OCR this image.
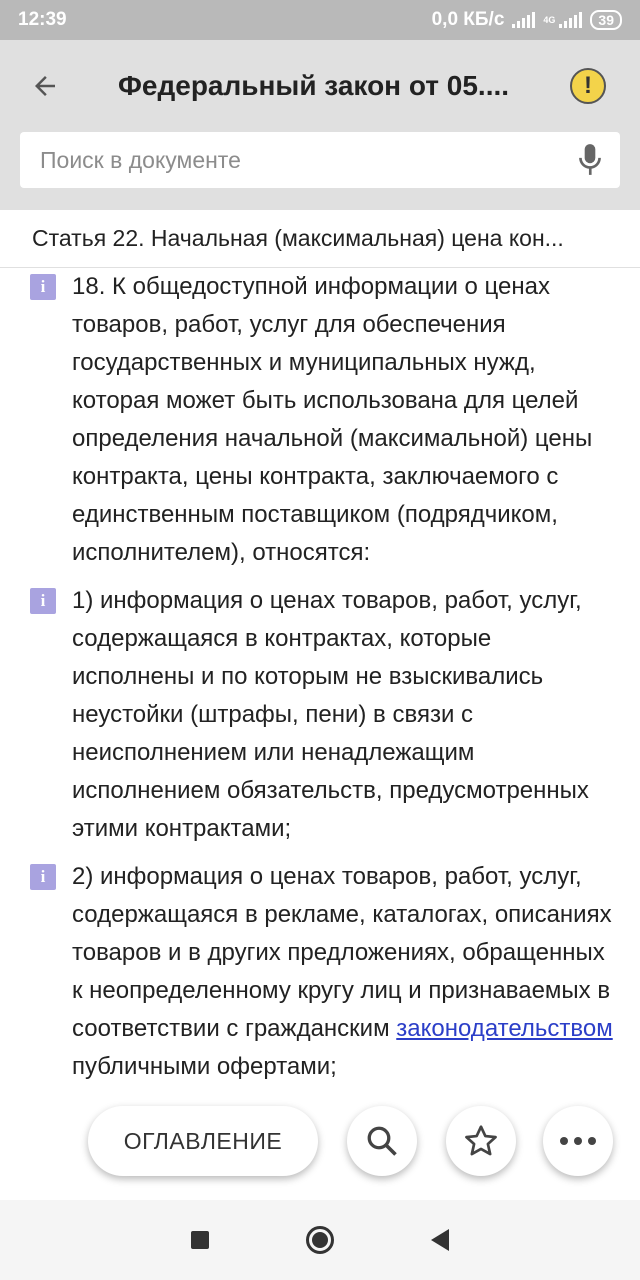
12:39	0,0 КБ/с	4G	39
Федеральный закон от 05....	!
Поиск в документе
Статья 22. Начальная (максимальная) цена кон...
i	18. К общедоступной информации о ценах товаров, работ, услуг для обеспечения государственных и муниципальных нужд, которая может быть использована для целей определения начальной (максимальной) цены контракта, цены контракта, заключаемого с единственным поставщиком (подрядчиком, исполнителем), относятся:

i	1) информация о ценах товаров, работ, услуг, содержащаяся в контрактах, которые исполнены и по которым не взыскивались неустойки (штрафы, пени) в связи с неисполнением или ненадлежащим исполнением обязательств, предусмотренных этими контрактами;

i	2) информация о ценах товаров, работ, услуг, содержащаяся в рекламе, каталогах, описаниях товаров и в других предложениях, обращенных к неопределенному кругу лиц и признаваемых в соответствии с гражданским законодательством публичными офертами;

ОГЛАВЛЕНИЕ
